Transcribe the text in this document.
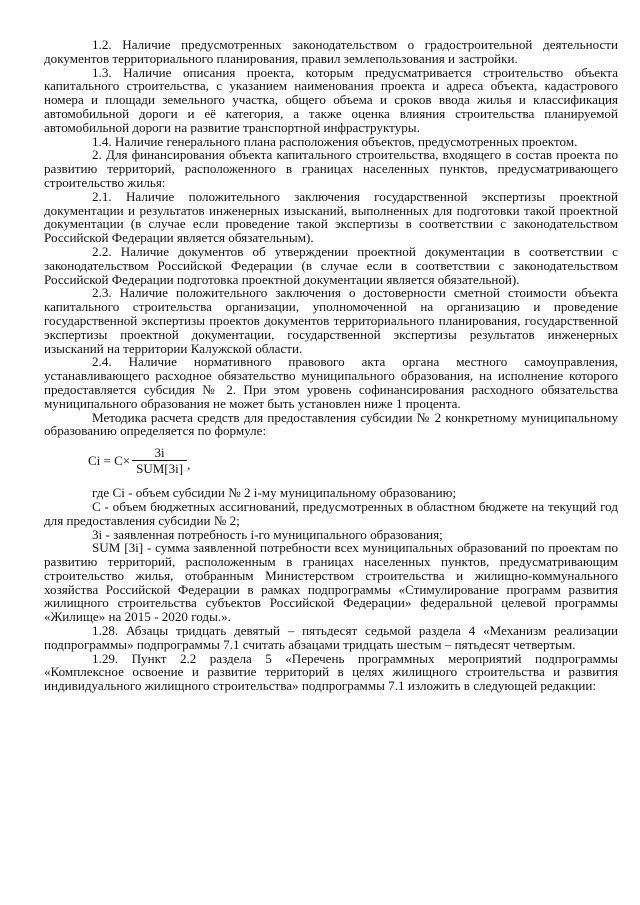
1.2. Наличие предусмотренных законодательством о градостроительной деятельности документов территориального планирования, правил землепользования и застройки.

1.3. Наличие описания проекта, которым предусматривается строительство объекта капитального строительства, с указанием наименования проекта и адреса объекта, кадастрового номера и площади земельного участка, общего объема и сроков ввода жилья и классификация автомобильной дороги и её категория, а также оценка влияния строительства планируемой автомобильной дороги на развитие транспортной инфраструктуры.

1.4. Наличие генерального плана расположения объектов, предусмотренных проектом.

2. Для финансирования объекта капитального строительства, входящего в состав проекта по развитию территорий, расположенного в границах населенных пунктов, предусматривающего строительство жилья:

2.1. Наличие положительного заключения государственной экспертизы проектной документации и результатов инженерных изысканий, выполненных для подготовки такой проектной документации (в случае если проведение такой экспертизы в соответствии с законодательством Российской Федерации является обязательным).

2.2. Наличие документов об утверждении проектной документации в соответствии с законодательством Российской Федерации (в случае если в соответствии с законодательством Российской Федерации подготовка проектной документации является обязательной).

2.3. Наличие положительного заключения о достоверности сметной стоимости объекта капитального строительства организации, уполномоченной на организацию и проведение государственной экспертизы проектов документов территориального планирования, государственной экспертизы проектной документации, государственной экспертизы результатов инженерных изысканий на территории Калужской области.

2.4. Наличие нормативного правового акта органа местного самоуправления, устанавливающего расходное обязательство муниципального образования, на исполнение которого предоставляется субсидия № 2. При этом уровень софинансирования расходного обязательства муниципального образования не может быть установлен ниже 1 процента.

Методика расчета средств для предоставления субсидии № 2 конкретному муниципальному образованию определяется по формуле:

$Ci = C\times \frac{3i}{\text{SUM[3i]}}$ ,

где Ci - объем субсидии № 2 i-му муниципальному образованию;

C - объем бюджетных ассигнований, предусмотренных в областном бюджете на текущий год для предоставления субсидии № 2;

3i - заявленная потребность i-го муниципального образования;

SUM [3i] - сумма заявленной потребности всех муниципальных образований по проектам по развитию территорий, расположенным в границах населенных пунктов, предусматривающим строительство жилья, отобранным Министерством строительства и жилищно-коммунального хозяйства Российской Федерации в рамках подпрограммы «Стимулирование программ развития жилищного строительства субъектов Российской Федерации» федеральной целевой программы «Жилище» на 2015 - 2020 годы.».

1.28. Абзацы тридцать девятый – пятьдесят седьмой раздела 4 «Механизм реализации подпрограммы» подпрограммы 7.1 считать абзацами тридцать шестым – пятьдесят четвертым.

1.29. Пункт 2.2 раздела 5 «Перечень программных мероприятий подпрограммы «Комплексное освоение и развитие территорий в целях жилищного строительства и развития индивидуального жилищного строительства» подпрограммы 7.1 изложить в следующей редакции:
